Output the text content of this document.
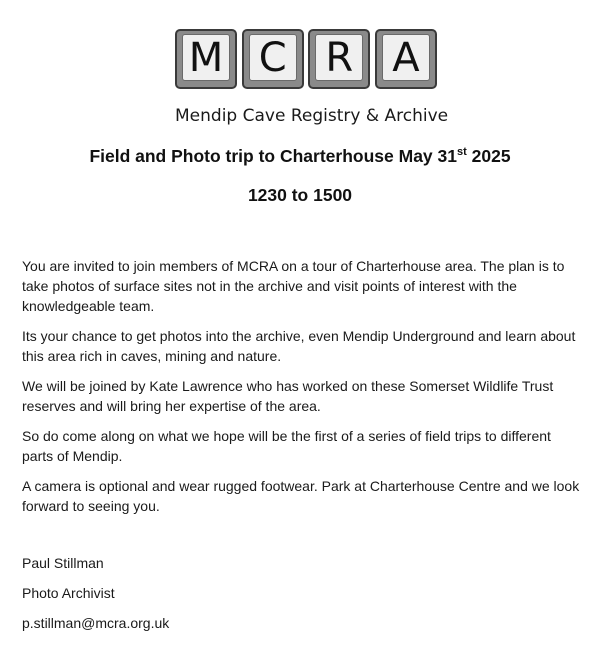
M C R A
Mendip Cave Registry & Archive
Field and Photo trip to Charterhouse May 31st 2025
1230 to 1500

You are invited to join members of MCRA on a tour of Charterhouse area. The plan is to take photos of surface sites not in the archive and visit points of interest with the knowledgeable team.

Its your chance to get photos into the archive, even Mendip Underground and learn about this area rich in caves, mining and nature.

We will be joined by Kate Lawrence who has worked on these Somerset Wildlife Trust reserves and will bring her expertise of the area.

So do come along on what we hope will be the first of a series of field trips to different parts of Mendip.

A camera is optional and wear rugged footwear. Park at Charterhouse Centre and we look forward to seeing you.

Paul Stillman
Photo Archivist
p.stillman@mcra.org.uk
